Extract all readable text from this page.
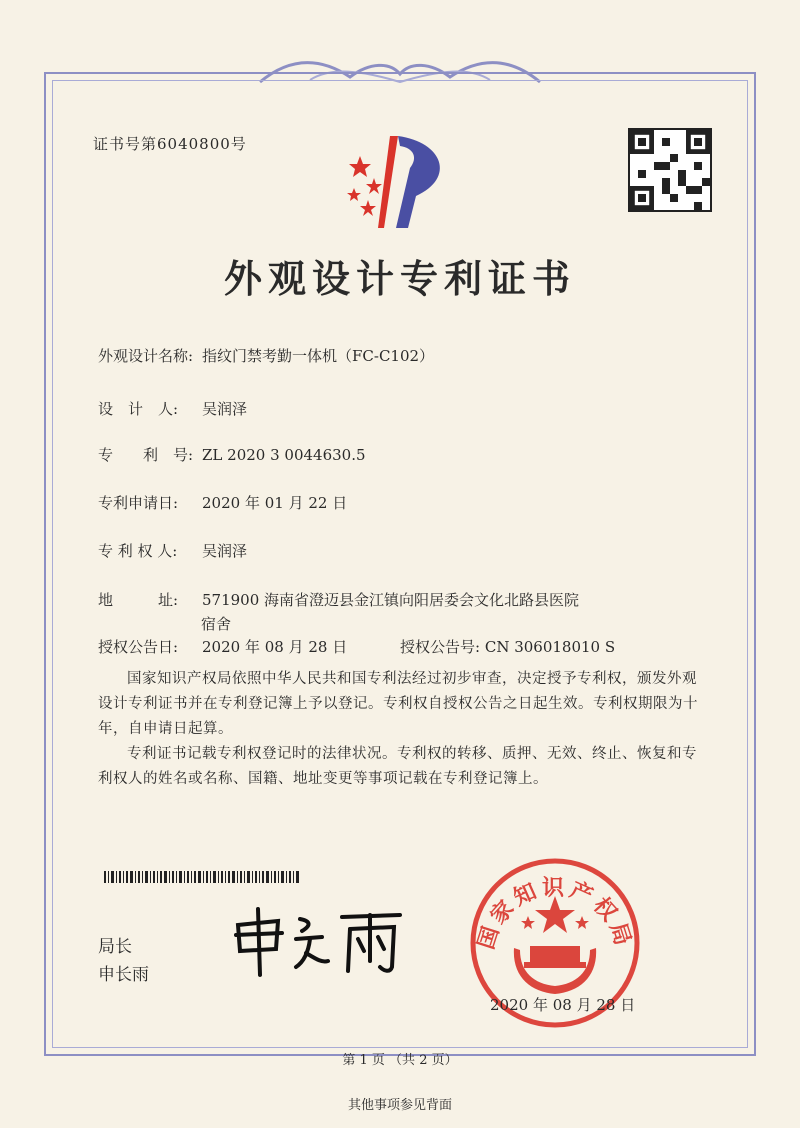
证书号第6040800号
外观设计专利证书
外观设计名称: 指纹门禁考勤一体机（FC-C102）
设　计　人: 吴润泽
专　　利　号: ZL 2020 3 0044630.5
专利申请日: 2020 年 01 月 22 日
专 利 权 人: 吴润泽
地　　　址: 571900 海南省澄迈县金江镇向阳居委会文化北路县医院
宿舍
授权公告日: 2020 年 08 月 28 日	授权公告号: CN 306018010 S
国家知识产权局依照中华人民共和国专利法经过初步审查，决定授予专利权，颁发外观设计专利证书并在专利登记簿上予以登记。专利权自授权公告之日起生效。专利权期限为十年，自申请日起算。
专利证书记载专利权登记时的法律状况。专利权的转移、质押、无效、终止、恢复和专利权人的姓名或名称、国籍、地址变更等事项记载在专利登记簿上。
局长
申长雨
国家知识产权局
2020 年 08 月 28 日
第 1 页 （共 2 页）
其他事项参见背面
